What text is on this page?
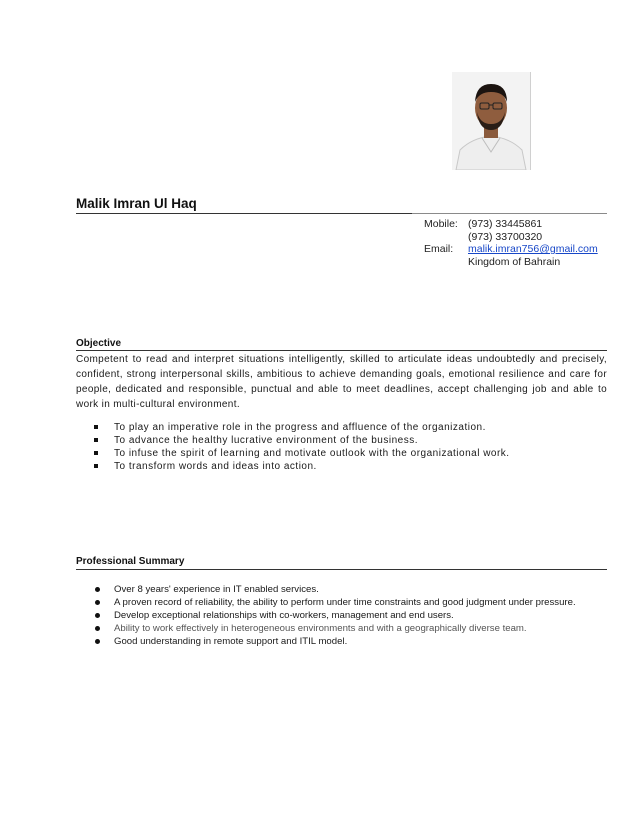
Malik Imran Ul Haq
Mobile: (973) 33445861
(973) 33700320
Email:	malik.imran756@gmail.com
Kingdom of Bahrain
Objective
Competent to read and interpret situations intelligently, skilled to articulate ideas undoubtedly and precisely, confident, strong interpersonal skills, ambitious to achieve demanding goals, emotional resilience and care for people, dedicated and responsible, punctual and able to meet deadlines, accept challenging job and able to work in multi-cultural environment.
To play an imperative role in the progress and affluence of the organization.
To advance the healthy lucrative environment of the business.
To infuse the spirit of learning and motivate outlook with the organizational work.
To transform words and ideas into action.
Professional Summary
Over 8 years' experience in IT enabled services.
A proven record of reliability, the ability to perform under time constraints and good judgment under pressure.
Develop exceptional relationships with co-workers, management and end users.
Ability to work effectively in heterogeneous environments and with a geographically diverse team.
Good understanding in remote support and ITIL model.
